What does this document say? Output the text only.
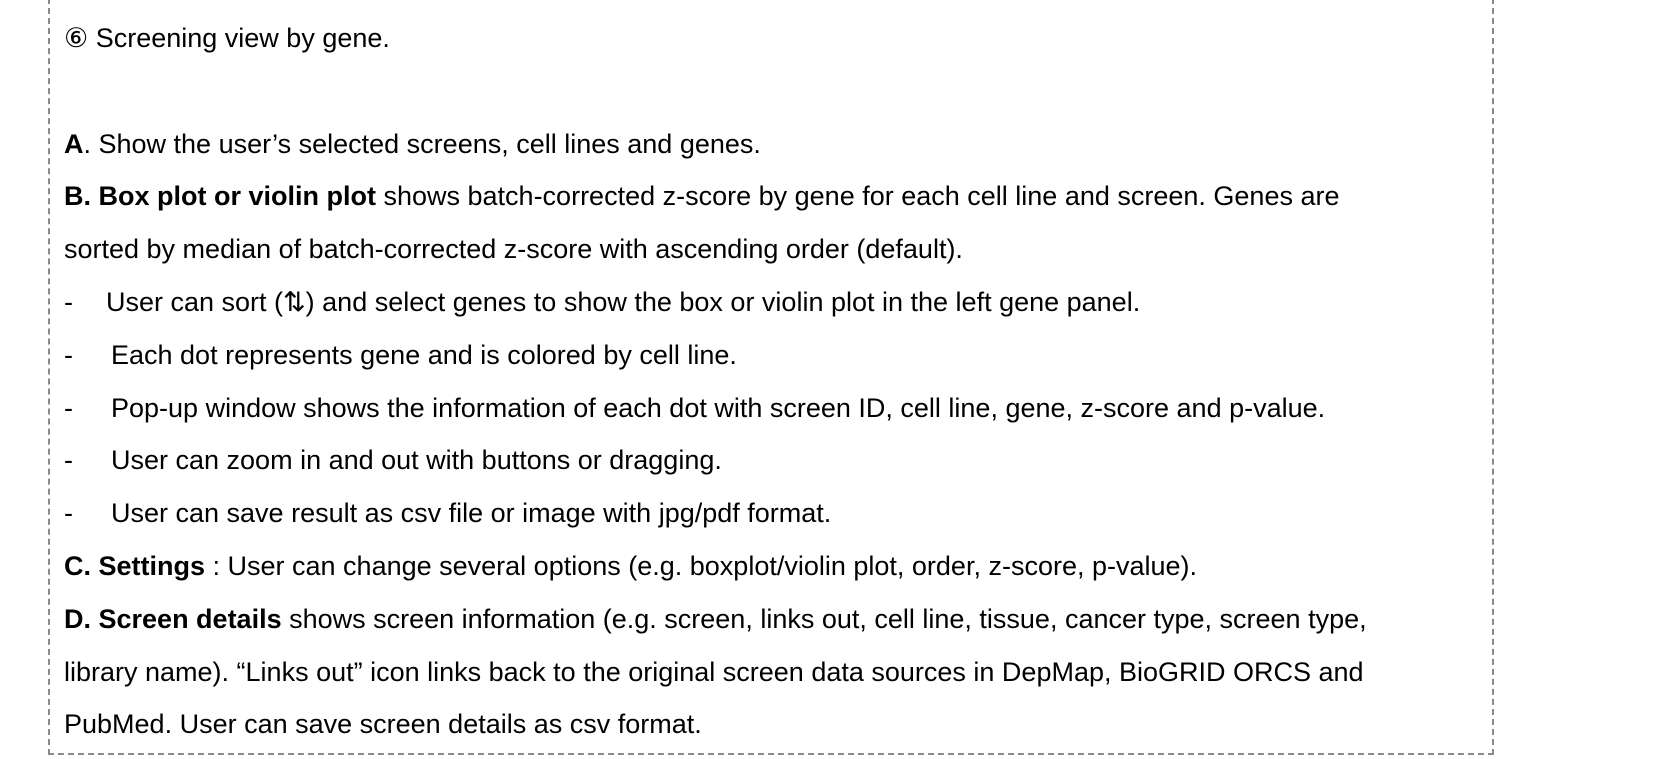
⑥ Screening view by gene.
A. Show the user’s selected screens, cell lines and genes.
B. Box plot or violin plot shows batch-corrected z-score by gene for each cell line and screen. Genes are
sorted by median of batch-corrected z-score with ascending order (default).
- User can sort (⇅) and select genes to show the box or violin plot in the left gene panel.
- Each dot represents gene and is colored by cell line.
- Pop-up window shows the information of each dot with screen ID, cell line, gene, z-score and p-value.
- User can zoom in and out with buttons or dragging.
- User can save result as csv file or image with jpg/pdf format.
C. Settings : User can change several options (e.g. boxplot/violin plot, order, z-score, p-value).
D. Screen details shows screen information (e.g. screen, links out, cell line, tissue, cancer type, screen type,
library name). “Links out” icon links back to the original screen data sources in DepMap, BioGRID ORCS and
PubMed. User can save screen details as csv format.
